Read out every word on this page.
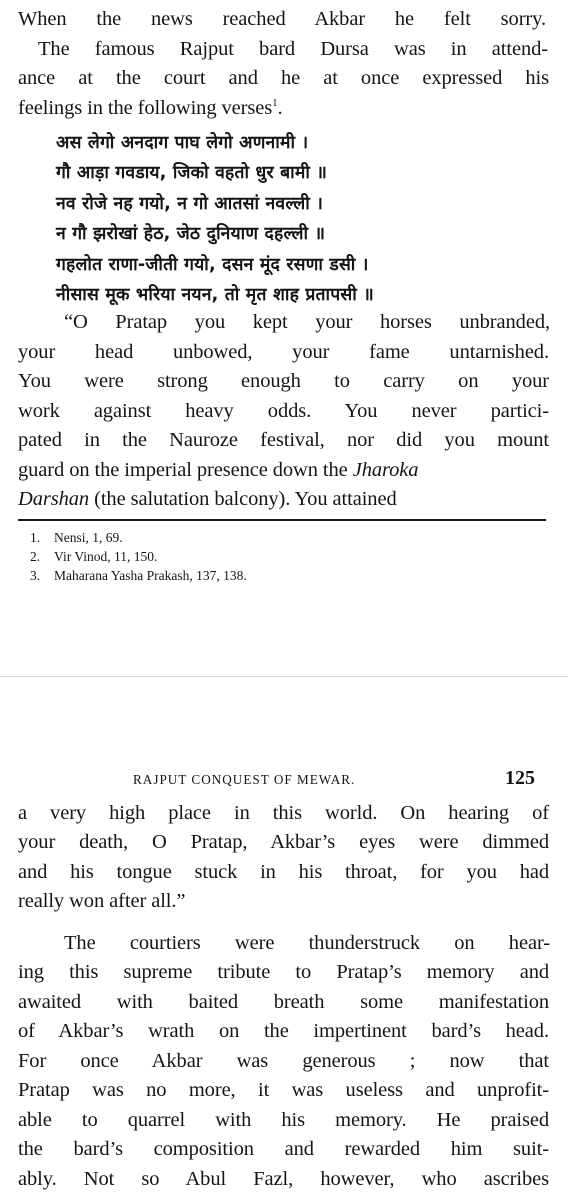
When the news reached Akbar he felt sorry.
The famous Rajput bard Dursa was in attend-
ance at the court and he at once expressed his
feelings in the following verses$^1$.
अस लेगो अनदाग पाघ लेगो अणनामी ।
गौ आड़ा गवडाय, जिको वहतो धुर बामी ॥
नव रोजे नह गयो, न गो आतसां नवल्ली ।
न गौ झरोखां हेठ, जेठ दुनियाण दहल्ली ॥
गहलोत राणा-जीती गयो, दसन मूंद रसणा डसी ।
नीसास मूक भरिया नयन, तो मृत शाह प्रतापसी ॥
“O Pratap you kept your horses unbranded,
your head unbowed, your fame untarnished.
You were strong enough to carry on your
work against heavy odds. You never partici-
pated in the Nauroze festival, nor did you mount
guard on the imperial presence down the Jharoka
Darshan (the salutation balcony). You attained
1. Nensi, 1, 69.
2. Vir Vinod, 11, 150.
3. Maharana Yasha Prakash, 137, 138.
RAJPUT CONQUEST OF MEWAR.	125
a very high place in this world. On hearing of
your death, O Pratap, Akbar’s eyes were dimmed
and his tongue stuck in his throat, for you had
really won after all.”
The courtiers were thunderstruck on hear-
ing this supreme tribute to Pratap’s memory and
awaited with baited breath some manifestation
of Akbar’s wrath on the impertinent bard’s head.
For once Akbar was generous ; now that
Pratap was no more, it was useless and unprofit-
able to quarrel with his memory. He praised
the bard’s composition and rewarded him suit-
ably. Not so Abul Fazl, however, who ascribes
